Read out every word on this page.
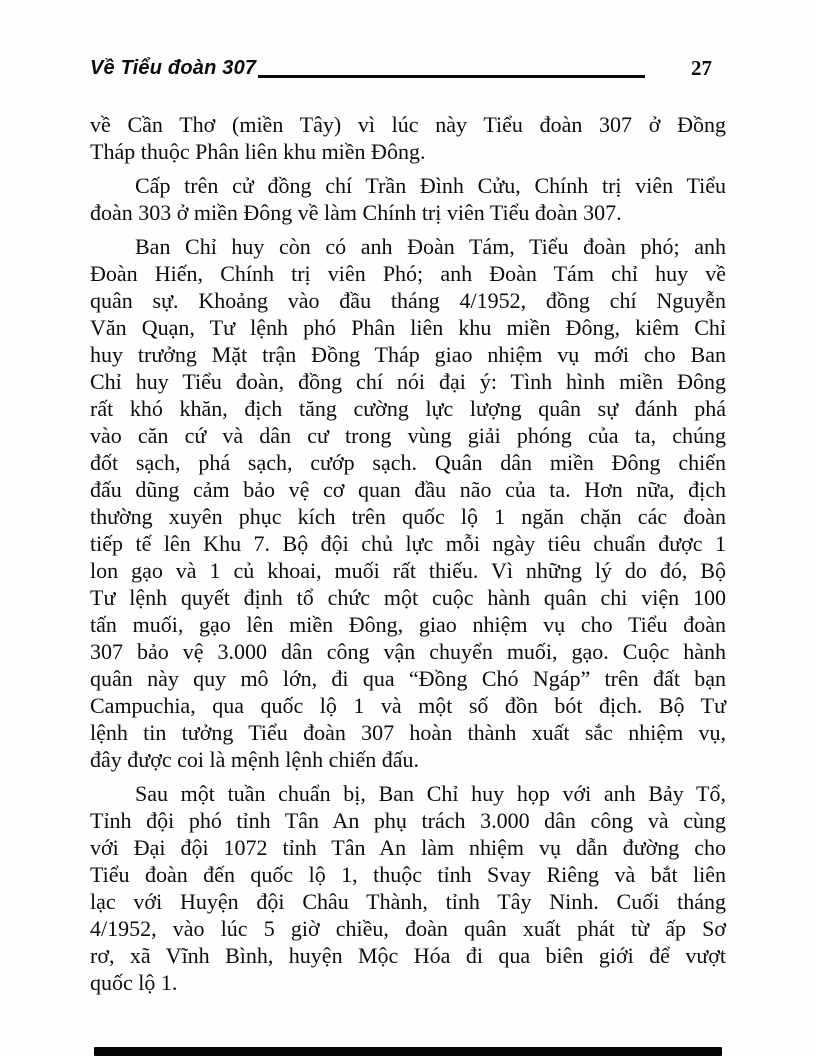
Về Tiểu đoàn 307	27
về Cần Thơ (miền Tây) vì lúc này Tiểu đoàn 307 ở Đồng
Tháp thuộc Phân liên khu miền Đông.
Cấp trên cử đồng chí Trần Đình Cửu, Chính trị viên Tiểu
đoàn 303 ở miền Đông về làm Chính trị viên Tiểu đoàn 307.
Ban Chỉ huy còn có anh Đoàn Tám, Tiểu đoàn phó; anh
Đoàn Hiến, Chính trị viên Phó; anh Đoàn Tám chỉ huy về
quân sự. Khoảng vào đầu tháng 4/1952, đồng chí Nguyễn
Văn Quạn, Tư lệnh phó Phân liên khu miền Đông, kiêm Chỉ
huy trưởng Mặt trận Đồng Tháp giao nhiệm vụ mới cho Ban
Chỉ huy Tiểu đoàn, đồng chí nói đại ý: Tình hình miền Đông
rất khó khăn, địch tăng cường lực lượng quân sự đánh phá
vào căn cứ và dân cư trong vùng giải phóng của ta, chúng
đốt sạch, phá sạch, cướp sạch. Quân dân miền Đông chiến
đấu dũng cảm bảo vệ cơ quan đầu não của ta. Hơn nữa, địch
thường xuyên phục kích trên quốc lộ 1 ngăn chặn các đoàn
tiếp tế lên Khu 7. Bộ đội chủ lực mỗi ngày tiêu chuẩn được 1
lon gạo và 1 củ khoai, muối rất thiếu. Vì những lý do đó, Bộ
Tư lệnh quyết định tổ chức một cuộc hành quân chi viện 100
tấn muối, gạo lên miền Đông, giao nhiệm vụ cho Tiểu đoàn
307 bảo vệ 3.000 dân công vận chuyển muối, gạo. Cuộc hành
quân này quy mô lớn, đi qua “Đồng Chó Ngáp” trên đất bạn
Campuchia, qua quốc lộ 1 và một số đồn bót địch. Bộ Tư
lệnh tin tưởng Tiểu đoàn 307 hoàn thành xuất sắc nhiệm vụ,
đây được coi là mệnh lệnh chiến đấu.
Sau một tuần chuẩn bị, Ban Chỉ huy họp với anh Bảy Tổ,
Tỉnh đội phó tỉnh Tân An phụ trách 3.000 dân công và cùng
với Đại đội 1072 tỉnh Tân An làm nhiệm vụ dẫn đường cho
Tiểu đoàn đến quốc lộ 1, thuộc tỉnh Svay Riêng và bắt liên
lạc với Huyện đội Châu Thành, tỉnh Tây Ninh. Cuối tháng
4/1952, vào lúc 5 giờ chiều, đoàn quân xuất phát từ ấp Sơ
rơ, xã Vĩnh Bình, huyện Mộc Hóa đi qua biên giới để vượt
quốc lộ 1.
